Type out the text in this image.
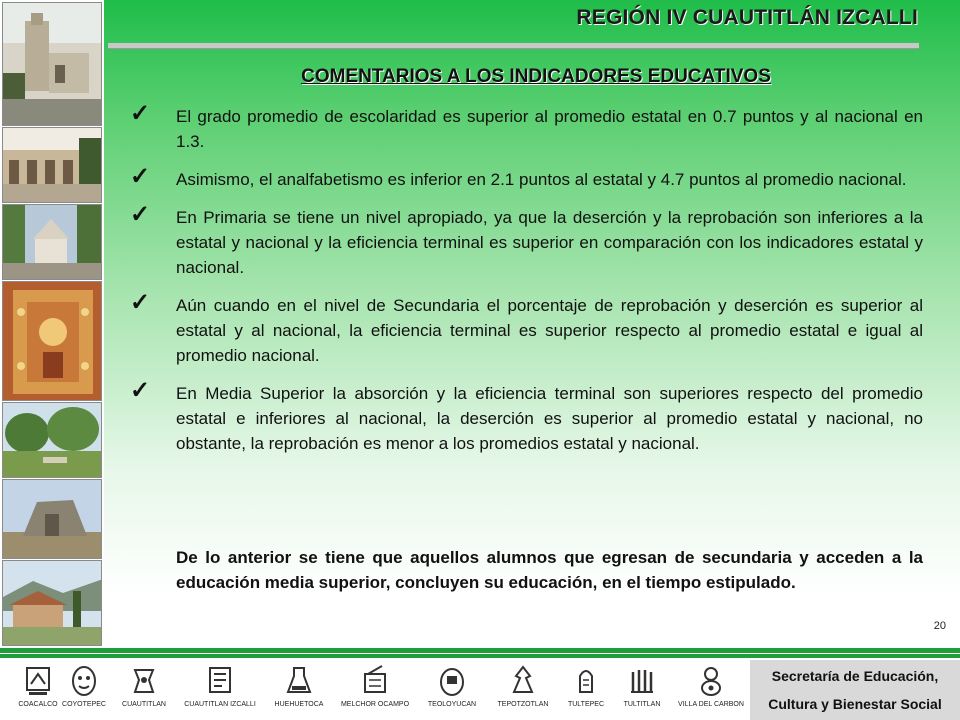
REGIÓN IV CUAUTITLÁN IZCALLI
COMENTARIOS A LOS INDICADORES EDUCATIVOS
✓ El grado promedio de escolaridad es superior al promedio estatal en 0.7 puntos y al nacional en 1.3.
✓ Asimismo, el analfabetismo es inferior en 2.1 puntos al estatal y 4.7 puntos al promedio nacional.
✓ En Primaria se tiene un nivel apropiado, ya que la deserción y la reprobación son inferiores a la estatal y nacional y la eficiencia terminal es superior en comparación con los indicadores estatal y nacional.
✓ Aún cuando en el nivel de Secundaria el porcentaje de reprobación y deserción es superior al estatal y al nacional, la eficiencia terminal es superior respecto al promedio estatal e igual al promedio nacional.
✓ En Media Superior la absorción y la eficiencia terminal son superiores respecto del promedio estatal e inferiores al nacional, la deserción es superior al promedio estatal y nacional, no obstante, la reprobación es menor a los promedios estatal y nacional.
De lo anterior se tiene que aquellos alumnos que egresan de secundaria y acceden a la educación media superior, concluyen su educación, en el tiempo estipulado.
20
COACALCO COYOTEPEC	CUAUTITLAN	CUAUTITLAN IZCALLI	HUEHUETOCA	MELCHOR OCAMPO	TEOLOYUCAN	TEPOTZOTLAN	TULTEPEC	TULTITLAN	VILLA DEL CARBON
Secretaría de Educación,
Cultura y Bienestar Social
